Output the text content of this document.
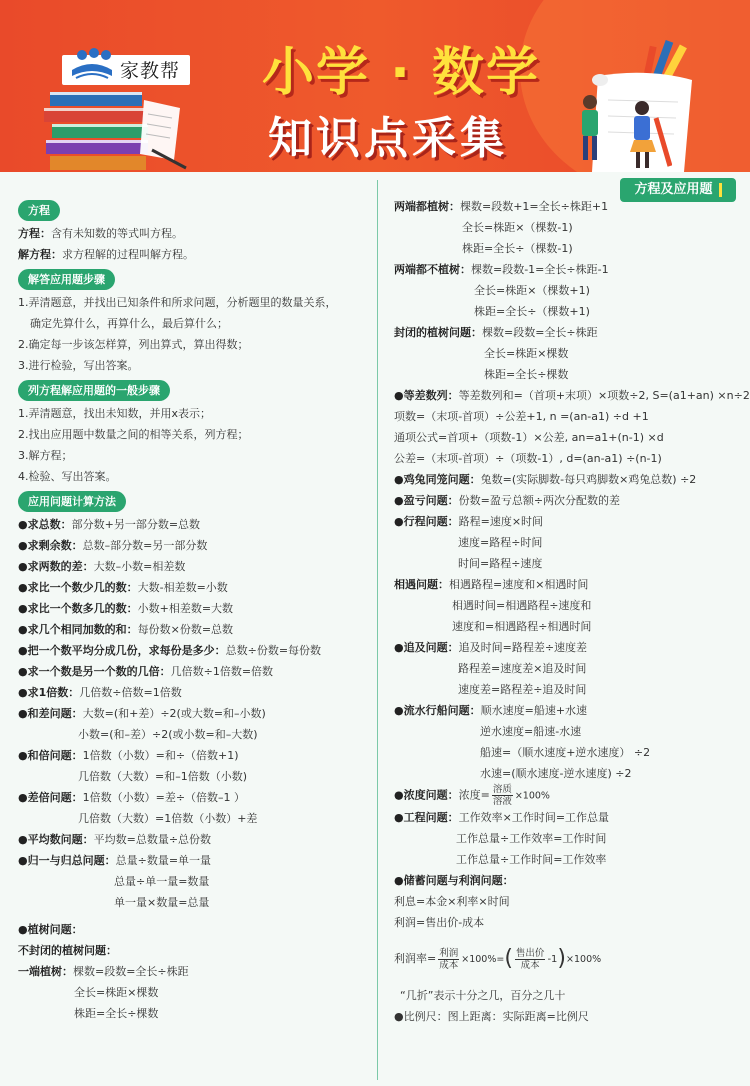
家教帮 小学 · 数学
知识点采集
方程及应用题
方程
方程：含有未知数的等式叫方程。
解方程：求方程解的过程叫解方程。
解答应用题步骤
1.弄清题意，并找出已知条件和所求问题，分析题里的数量关系，
确定先算什么，再算什么，最后算什么；
2.确定每一步该怎样算，列出算式，算出得数；
3.进行检验，写出答案。
列方程解应用题的一般步骤
1.弄清题意，找出未知数，并用x表示；
2.找出应用题中数量之间的相等关系，列方程；
3.解方程；
4.检验、写出答案。
应用问题计算方法
●求总数：部分数+另一部分数=总数
●求剩余数：总数–部分数=另一部分数
●求两数的差：大数–小数=相差数
●求比一个数少几的数：大数-相差数=小数
●求比一个数多几的数：小数+相差数=大数
●求几个相同加数的和：每份数×份数=总数
●把一个数平均分成几份，求每份是多少：总数÷份数=每份数
●求一个数是另一个数的几倍：几倍数÷1倍数=倍数
●求1倍数：几倍数÷倍数=1倍数
●和差问题：大数=(和+差）÷2(或大数=和–小数)
小数=(和–差）÷2(或小数=和–大数)
●和倍问题：1倍数（小数）=和÷（倍数+1)
几倍数（大数）=和–1倍数（小数)
●差倍问题：1倍数（小数）=差÷（倍数–1 ）
几倍数（大数）=1倍数（小数）+差
●平均数问题：平均数=总数量÷总份数
●归一与归总问题：总量÷数量=单一量
总量÷单一量=数量
单一量×数量=总量
●植树问题：
不封闭的植树问题：
一端植树：棵数=段数=全长÷株距
全长=株距×棵数
株距=全长÷棵数
两端都植树：棵数=段数+1=全长÷株距+1
全长=株距×（棵数-1)
株距=全长÷（棵数-1)
两端都不植树：棵数=段数-1=全长÷株距-1
全长=株距×（棵数+1)
株距=全长÷（棵数+1)
封闭的植树问题：棵数=段数=全长÷株距
全长=株距×棵数
株距=全长÷棵数
●等差数列：等差数列和=（首项+末项）×项数÷2, S=(a1+an) ×n÷2
项数=（末项-首项）÷公差+1, n =(an-a1) ÷d +1
通项公式=首项+（项数-1）×公差, an=a1+(n-1) ×d
公差=（末项-首项）÷（项数-1）, d=(an-a1) ÷(n-1)
●鸡兔同笼问题：兔数=(实际脚数-每只鸡脚数×鸡兔总数) ÷2
●盈亏问题：份数=盈亏总额÷两次分配数的差
●行程问题：路程=速度×时间
速度=路程÷时间
时间=路程÷速度
相遇问题：相遇路程=速度和×相遇时间
相遇时间=相遇路程÷速度和
速度和=相遇路程÷相遇时间
●追及问题：追及时间=路程差÷速度差
路程差=速度差×追及时间
速度差=路程差÷追及时间
●流水行船问题：顺水速度=船速+水速
逆水速度=船速-水速
船速=（顺水速度+逆水速度） ÷2
水速=(顺水速度-逆水速度) ÷2
●浓度问题：浓度= $\frac{\text{溶质}}{\text{溶液}} \times 100\%$
●工程问题：工作效率×工作时间=工作总量
工作总量÷工作效率=工作时间
工作总量÷工作时间=工作效率
●储蓄问题与利润问题：
利息=本金×利率×时间
利润=售出价-成本
利润率= $\frac{\text{利润}}{\text{成本}} \times 100\%=( \frac{\text{售出价}}{\text{成本}} -1)\times 100\%$
“几折”表示十分之几，百分之几十
●比例尺：图上距离：实际距离=比例尺
